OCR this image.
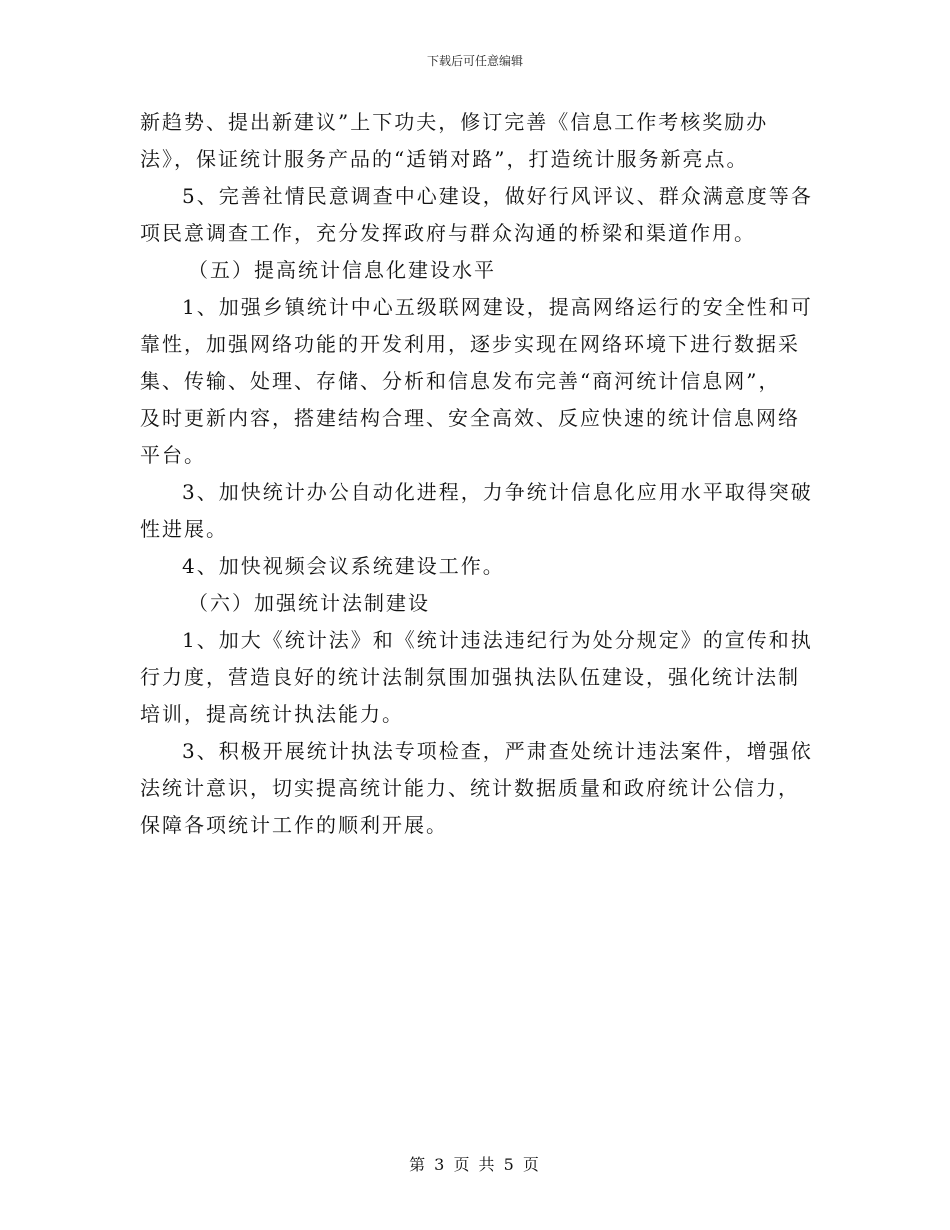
下载后可任意编辑
新趋势、提出新建议”上下功夫，修订完善《信息工作考核奖励办
法》，保证统计服务产品的“适销对路”，打造统计服务新亮点。
5、完善社情民意调查中心建设，做好行风评议、群众满意度等各
项民意调查工作，充分发挥政府与群众沟通的桥梁和渠道作用。
（五）提高统计信息化建设水平
1、加强乡镇统计中心五级联网建设，提高网络运行的安全性和可
靠性，加强网络功能的开发利用，逐步实现在网络环境下进行数据采
集、传输、处理、存储、分析和信息发布完善“商河统计信息网”，
及时更新内容，搭建结构合理、安全高效、反应快速的统计信息网络
平台。
3、加快统计办公自动化进程，力争统计信息化应用水平取得突破
性进展。
4、加快视频会议系统建设工作。
（六）加强统计法制建设
1、加大《统计法》和《统计违法违纪行为处分规定》的宣传和执
行力度，营造良好的统计法制氛围加强执法队伍建设，强化统计法制
培训，提高统计执法能力。
3、积极开展统计执法专项检查，严肃查处统计违法案件，增强依
法统计意识，切实提高统计能力、统计数据质量和政府统计公信力，
保障各项统计工作的顺利开展。
第 3 页 共 5 页
